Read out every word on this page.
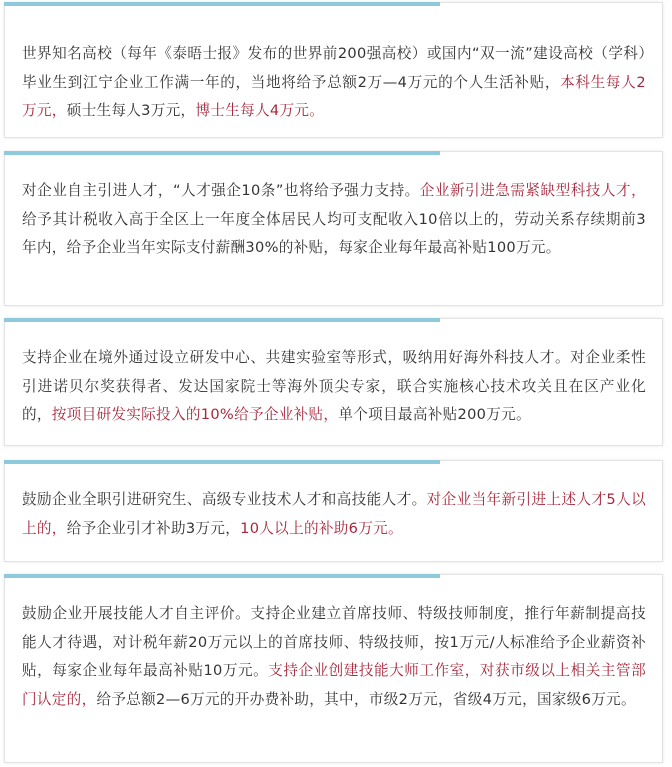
世界知名高校（每年《泰晤士报》发布的世界前200强高校）或国内“双一流”建设高校（学科）毕业生到江宁企业工作满一年的，当地将给予总额2万—4万元的个人生活补贴，本科生每人2万元，硕士生每人3万元，博士生每人4万元。

对企业自主引进人才，“人才强企10条”也将给予强力支持。企业新引进急需紧缺型科技人才，给予其计税收入高于全区上一年度全体居民人均可支配收入10倍以上的，劳动关系存续期前3年内，给予企业当年实际支付薪酬30%的补贴，每家企业每年最高补贴100万元。

支持企业在境外通过设立研发中心、共建实验室等形式，吸纳用好海外科技人才。对企业柔性引进诺贝尔奖获得者、发达国家院士等海外顶尖专家，联合实施核心技术攻关且在区产业化的，按项目研发实际投入的10%给予企业补贴，单个项目最高补贴200万元。

鼓励企业全职引进研究生、高级专业技术人才和高技能人才。对企业当年新引进上述人才5人以上的，给予企业引才补助3万元，10人以上的补助6万元。

鼓励企业开展技能人才自主评价。支持企业建立首席技师、特级技师制度，推行年薪制提高技能人才待遇，对计税年薪20万元以上的首席技师、特级技师，按1万元/人标准给予企业薪资补贴，每家企业每年最高补贴10万元。支持企业创建技能大师工作室，对获市级以上相关主管部门认定的，给予总额2—6万元的开办费补助，其中，市级2万元，省级4万元，国家级6万元。
